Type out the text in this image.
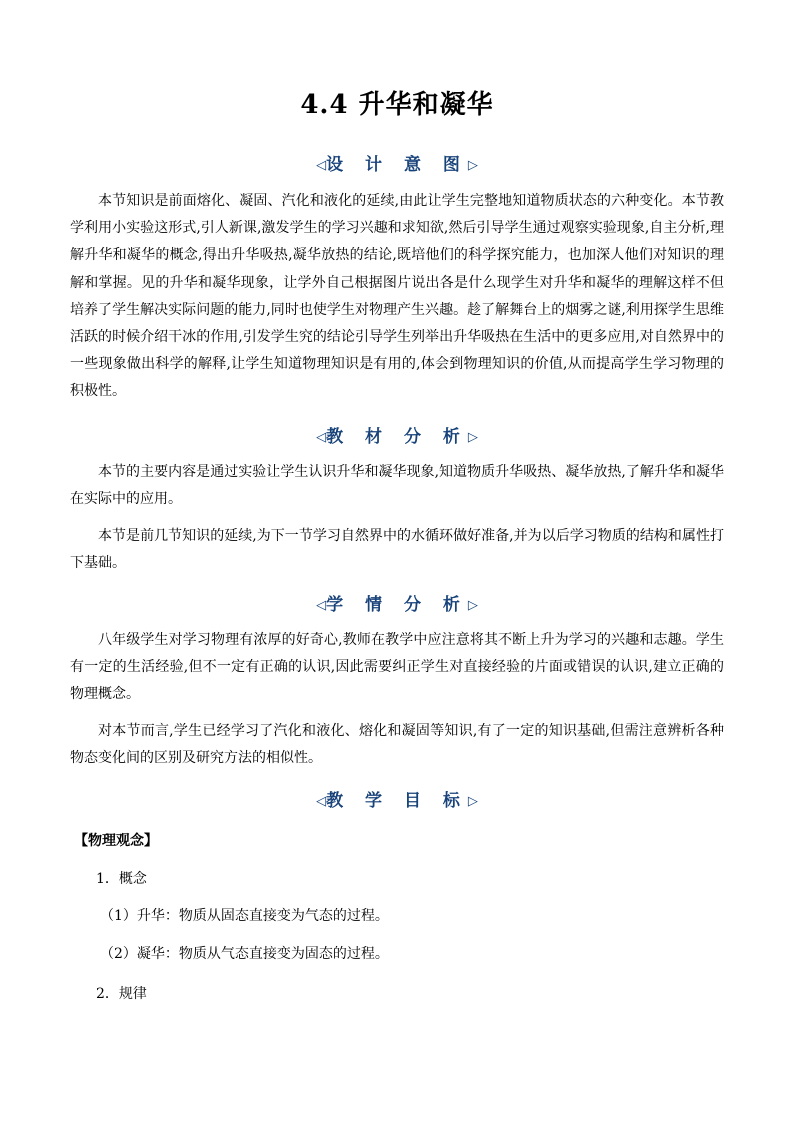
4.4 升华和凝华
◁设 计 意 图▷

本节知识是前面熔化、凝固、汽化和液化的延续,由此让学生完整地知道物质状态的六种变化。本节教学利用小实验这形式,引人新课,激发学生的学习兴趣和求知欲,然后引导学生通过观察实验现象,自主分析,理解升华和凝华的概念,得出升华吸热,凝华放热的结论,既培他们的科学探究能力，也加深人他们对知识的理解和掌握。见的升华和凝华现象，让学外自己根据图片说出各是什么现学生对升华和凝华的理解这样不但培养了学生解决实际问题的能力,同时也使学生对物理产生兴趣。趁了解舞台上的烟雾之谜,利用探学生思维活跃的时候介绍干冰的作用,引发学生究的结论引导学生列举出升华吸热在生活中的更多应用,对自然界中的一些现象做出科学的解释,让学生知道物理知识是有用的,体会到物理知识的价值,从而提高学生学习物理的积极性。

◁教 材 分 析▷

本节的主要内容是通过实验让学生认识升华和凝华现象,知道物质升华吸热、凝华放热,了解升华和凝华在实际中的应用。

本节是前几节知识的延续,为下一节学习自然界中的水循环做好准备,并为以后学习物质的结构和属性打下基础。

◁学 情 分 析▷

八年级学生对学习物理有浓厚的好奇心,教师在教学中应注意将其不断上升为学习的兴趣和志趣。学生有一定的生活经验,但不一定有正确的认识,因此需要纠正学生对直接经验的片面或错误的认识,建立正确的物理概念。

对本节而言,学生已经学习了汽化和液化、熔化和凝固等知识,有了一定的知识基础,但需注意辨析各种物态变化间的区别及研究方法的相似性。

◁教 学 目 标▷
【物理观念】
1．概念
（1）升华：物质从固态直接变为气态的过程。
（2）凝华：物质从气态直接变为固态的过程。
2．规律
